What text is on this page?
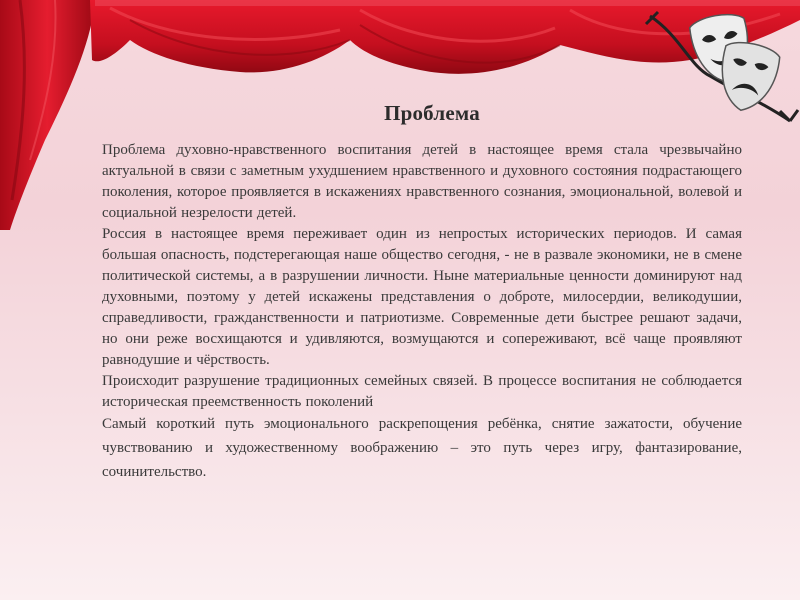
Проблема

Проблема духовно-нравственного воспитания детей в настоящее время стала чрезвычайно актуальной в связи с заметным ухудшением нравственного и духовного состояния подрастающего поколения, которое проявляется в искажениях нравственного сознания, эмоциональной, волевой и социальной незрелости детей.

Россия в настоящее время переживает один из непростых исторических периодов. И самая большая опасность, подстерегающая наше общество сегодня, - не в развале экономики, не в смене политической системы, а в разрушении личности. Ныне материальные ценности доминируют над духовными, поэтому у детей искажены представления о доброте, милосердии, великодушии, справедливости, гражданственности и патриотизме. Современные дети быстрее решают задачи, но они реже восхищаются и удивляются, возмущаются и сопереживают, всё чаще проявляют равнодушие и чёрствость.

Происходит разрушение традиционных семейных связей. В процессе воспитания не соблюдается историческая преемственность поколений

Самый короткий путь эмоционального раскрепощения ребёнка, снятие зажатости, обучение чувствованию и художественному воображению – это путь через игру, фантазирование, сочинительство.
